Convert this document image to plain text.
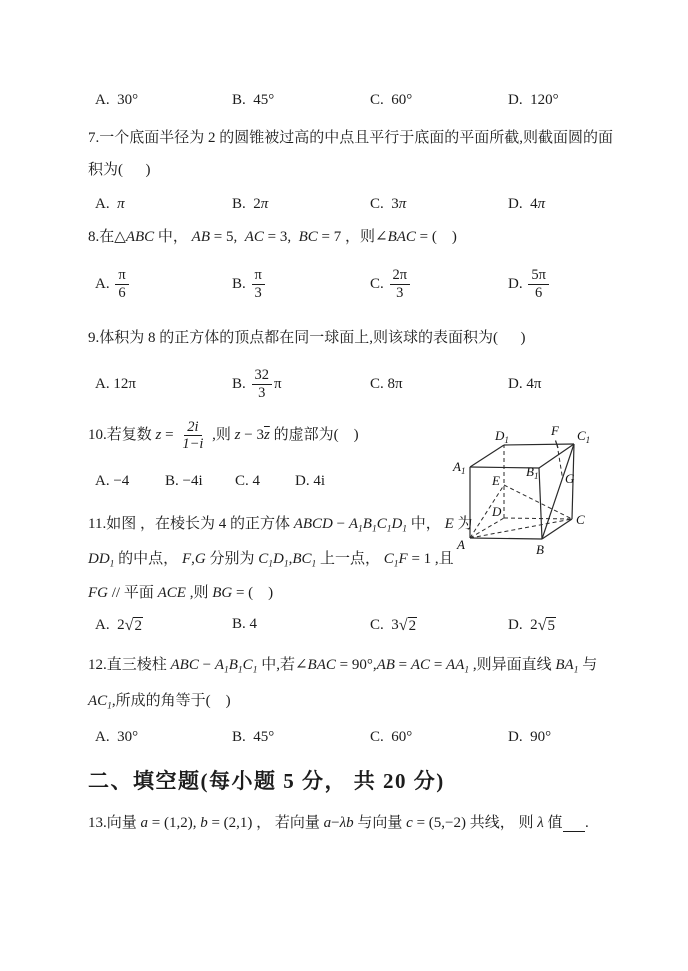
A.  30°	B.  45°	C.  60°	D.  120°
7.一个底面半径为 2 的圆锥被过高的中点且平行于底面的平面所截,则截面圆的面
积为(      )
A. π	B.  2 π	C.  3 π	D.  4 π
8.在△ABC 中， AB = 5,  AC = 3,  BC = 7 ，则∠BAC = (    )
A. $\frac{\pi}{6}$	B. $\frac{\pi}{3}$	C. $\frac{2\pi}{3}$	D. $\frac{5\pi}{6}$
9.体积为 8 的正方体的顶点都在同一球面上,则该球的表面积为(      )
A. 12π	B. $\frac{32}{3}$ π	C. 8π	D. 4π
10.若复数 $z = \frac{2i}{1-i}$ ,则 $z - 3\overline{z}$ 的虚部为(    )
A. −4 B. −4i C. 4 D. 4i
$A_1$
$D_1$
F $C_1$
$B_1$
E	G
D
A	B
C
11.如图 ，在棱长为 4 的正方体 ABCD − $A_1B_1C_1D_1$ 中， E 为
$DD_1$ 的中点， F,G 分别为 $C_1D_1,BC_1$ 上一点， $C_1F = 1$ ,且
FG // 平面 ACE ,则 BG = (    )
A.  2 √2	B. 4	C.  3 √2	D.  2 √5
12.直三棱柱 ABC − $A_1B_1C_1$ 中,若∠BAC = 90°,AB = AC = $AA_1$ ,则异面直线 $BA_1$ 与
$AC_1$,所成的角等于(    )
A.  30°	B.  45°	C.  60°	D.  90°
二、填空题(每小题 5 分， 共 20 分)
13.向量 a = (1,2), b = (2,1) ， 若向量 a−λb 与向量 c = (5,−2) 共线， 则 λ 值 .
